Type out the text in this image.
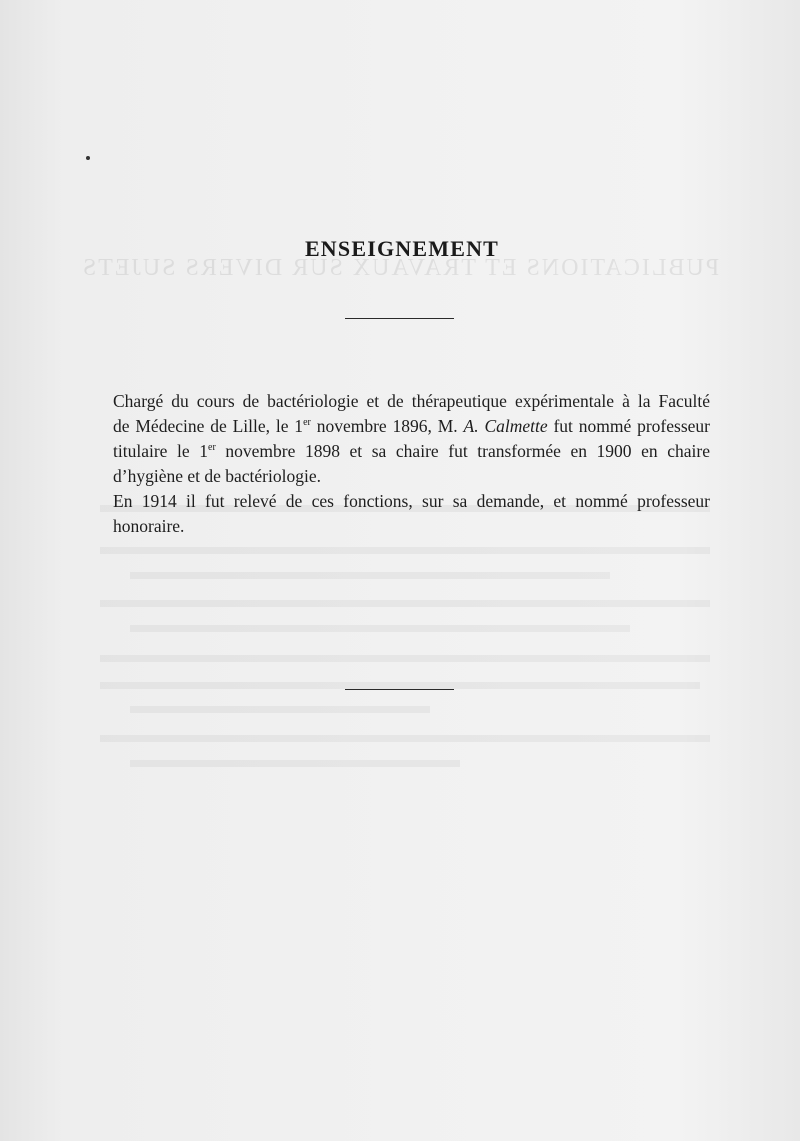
ENSEIGNEMENT
Chargé du cours de bactériologie et de thérapeutique expérimentale à la Faculté
de Médecine de Lille, le 1er novembre 1896, M. A. Calmette fut nommé professeur
titulaire le 1er novembre 1898 et sa chaire fut transformée en 1900 en chaire
d’hygiène et de bactériologie.
En 1914 il fut relevé de ces fonctions, sur sa demande, et nommé professeur
honoraire.
